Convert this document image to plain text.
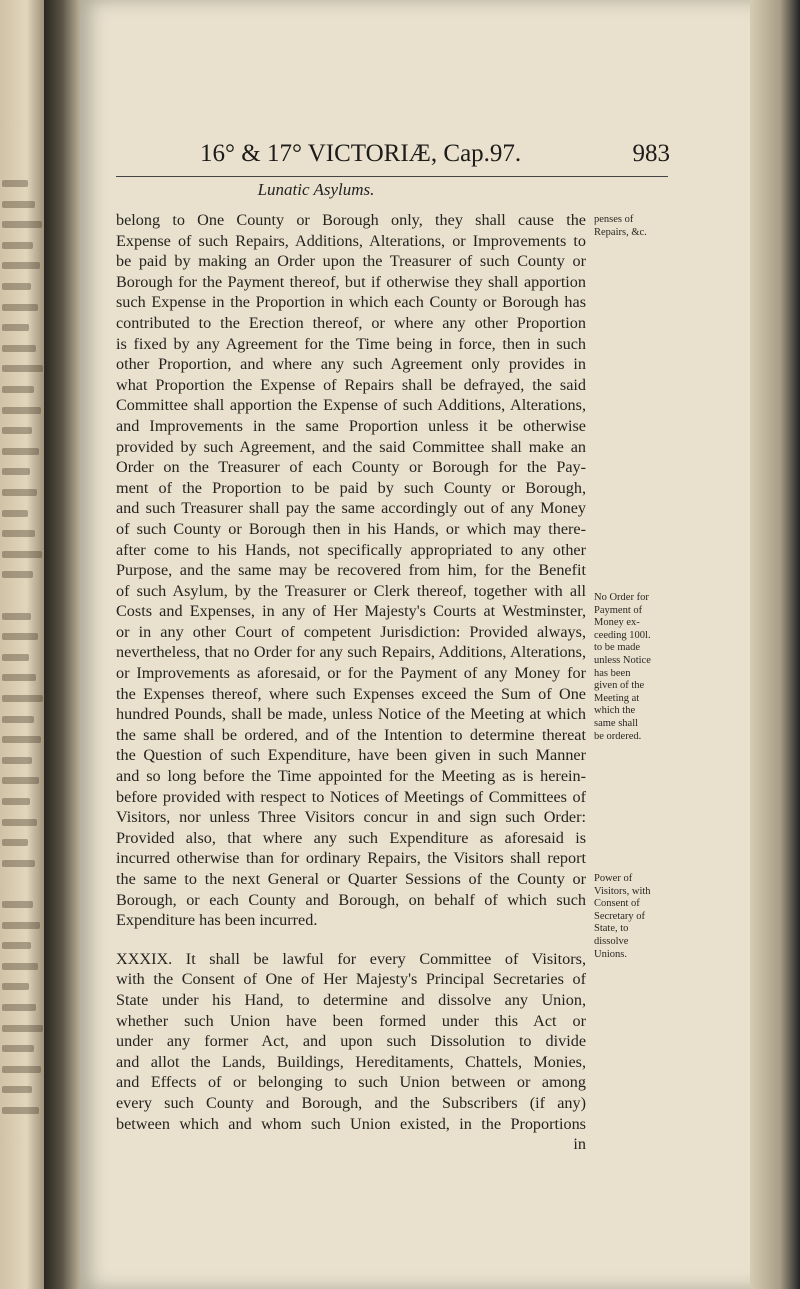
16° & 17° VICTORIÆ, Cap.97.	983
Lunatic Asylums.
belong to One County or Borough only, they shall cause the
Expense of such Repairs, Additions, Alterations, or Improvements to
be paid by making an Order upon the Treasurer of such County or
Borough for the Payment thereof, but if otherwise they shall apportion
such Expense in the Proportion in which each County or Borough has
contributed to the Erection thereof, or where any other Proportion
is fixed by any Agreement for the Time being in force, then in such
other Proportion, and where any such Agreement only provides in
what Proportion the Expense of Repairs shall be defrayed, the said
Committee shall apportion the Expense of such Additions, Alterations,
and Improvements in the same Proportion unless it be otherwise
provided by such Agreement, and the said Committee shall make an
Order on the Treasurer of each County or Borough for the Pay-
ment of the Proportion to be paid by such County or Borough,
and such Treasurer shall pay the same accordingly out of any Money
of such County or Borough then in his Hands, or which may there-
after come to his Hands, not specifically appropriated to any other
Purpose, and the same may be recovered from him, for the Benefit
of such Asylum, by the Treasurer or Clerk thereof, together with all
Costs and Expenses, in any of Her Majesty's Courts at Westminster,
or in any other Court of competent Jurisdiction: Provided always,
nevertheless, that no Order for any such Repairs, Additions, Alterations,
or Improvements as aforesaid, or for the Payment of any Money for
the Expenses thereof, where such Expenses exceed the Sum of One
hundred Pounds, shall be made, unless Notice of the Meeting at which
the same shall be ordered, and of the Intention to determine thereat
the Question of such Expenditure, have been given in such Manner
and so long before the Time appointed for the Meeting as is herein-
before provided with respect to Notices of Meetings of Committees of
Visitors, nor unless Three Visitors concur in and sign such Order:
Provided also, that where any such Expenditure as aforesaid is
incurred otherwise than for ordinary Repairs, the Visitors shall report
the same to the next General or Quarter Sessions of the County or
Borough, or each County and Borough, on behalf of which such
Expenditure has been incurred.
XXXIX. It shall be lawful for every Committee of Visitors,
with the Consent of One of Her Majesty's Principal Secretaries of
State under his Hand, to determine and dissolve any Union,
whether such Union have been formed under this Act or
under any former Act, and upon such Dissolution to divide
and allot the Lands, Buildings, Hereditaments, Chattels, Monies,
and Effects of or belonging to such Union between or among
every such County and Borough, and the Subscribers (if any)
between which and whom such Union existed, in the Proportions
in
penses of
Repairs, &c.
No Order for
Payment of
Money ex-
ceeding 100l.
to be made
unless Notice
has been
given of the
Meeting at
which the
same shall
be ordered.
Power of
Visitors, with
Consent of
Secretary of
State, to
dissolve
Unions.
